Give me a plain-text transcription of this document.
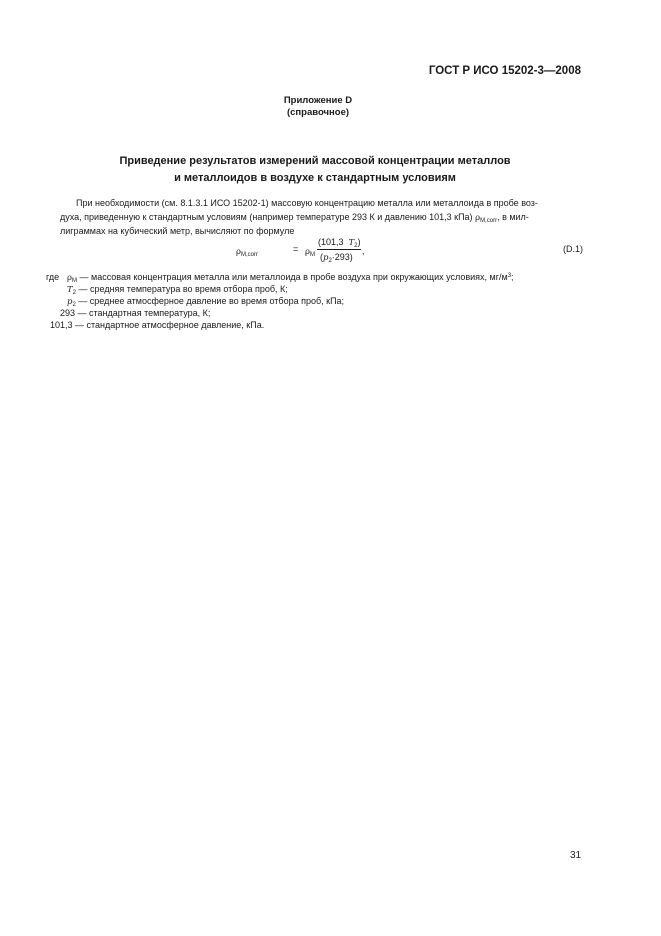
ГОСТ Р ИСО 15202-3—2008
Приложение D
(справочное)
Приведение результатов измерений массовой концентрации металлов
и металлоидов в воздухе к стандартным условиям
При необходимости (см. 8.1.3.1 ИСО 15202-1) массовую концентрацию металла или металлоида в пробе воз-
духа, приведенную к стандартным условиям (например температуре 293 К и давлению 101,3 кПа) $\rho_{M,corr}$, в мил-
лиграммах на кубический метр, вычисляют по формуле
$\rho_{M,corr}$
= $\rho_M$
(101,3 $T_2$)
$(p_2\cdot 293)$
,	(D.1)
где $\rho_M$ — массовая концентрация металла или металлоида в пробе воздуха при окружающих условиях, $мг/м^3$;
$T_2$ — средняя температура во время отбора проб, К;
$p_2$ — среднее атмосферное давление во время отбора проб, кПа;
293 — стандартная температура, К;
101,3 — стандартное атмосферное давление, кПа.
31
